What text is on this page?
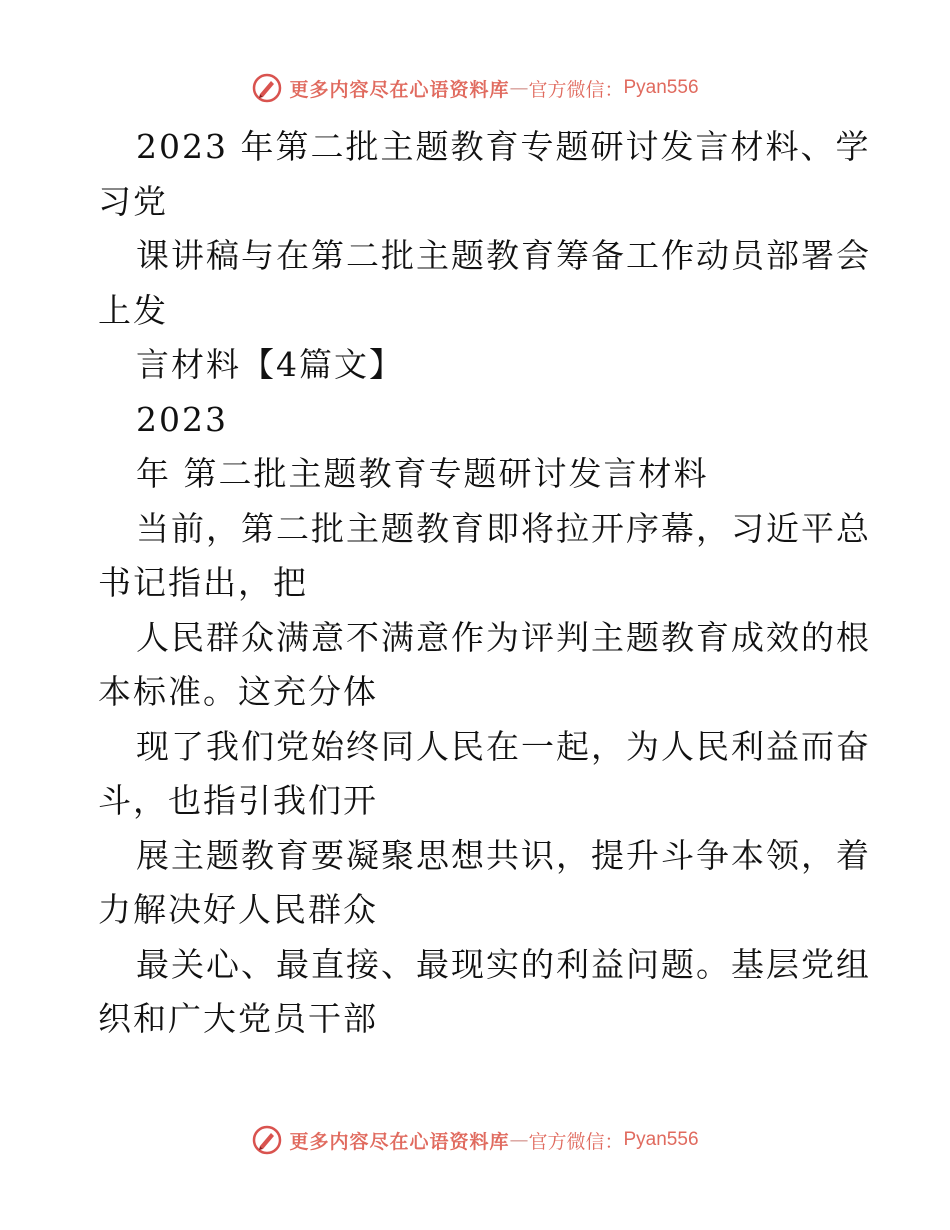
更多内容尽在心语资料库 — 官方微信： Pyan556
2023 年第二批主题教育专题研讨发言材料、学
习党
课讲稿与在第二批主题教育筹备工作动员部署会
上发
言材料【4篇文】
2023
年 第二批主题教育专题研讨发言材料
当前，第二批主题教育即将拉开序幕，习近平总
书记指出，把
人民群众满意不满意作为评判主题教育成效的根
本标准。这充分体
现了我们党始终同人民在一起，为人民利益而奋
斗，也指引我们开
展主题教育要凝聚思想共识，提升斗争本领，着
力解决好人民群众
最关心、最直接、最现实的利益问题。基层党组
织和广大党员干部
更多内容尽在心语资料库 — 官方微信： Pyan556
